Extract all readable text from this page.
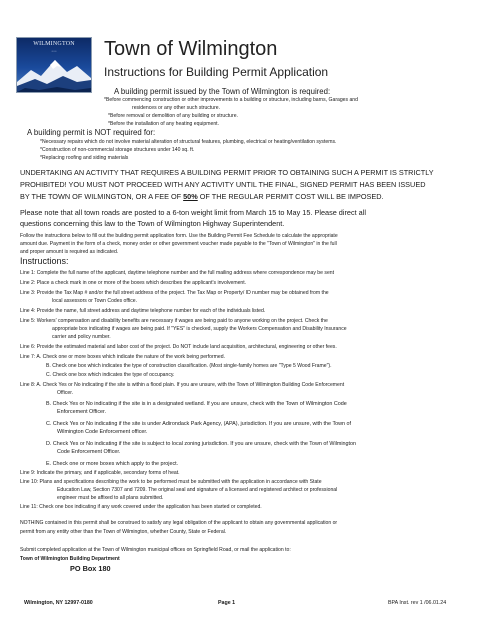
WILMINGTON
• • •	Town of Wilmington
Instructions for Building Permit Application
A building permit issued by the Town of Wilmington is required:
*Before commencing construction or other improvements to a building or structure, including barns, Garages and
residences or any other such structure.
*Before removal or demolition of any building or structure.
*Before the installation of any heating equipment.
A building permit is NOT required for:
*Necessary repairs which do not involve material alteration of structural features, plumbing, electrical or heating/ventilation systems.
*Construction of non-commercial storage structures under 140 sq. ft.
*Replacing roofing and siding materials
UNDERTAKING AN ACTIVITY THAT REQUIRES A BUILDING PERMIT PRIOR TO OBTAINING SUCH A PERMIT IS STRICTLY
PROHIBITED! YOU MUST NOT PROCEED WITH ANY ACTIVITY UNTIL THE FINAL, SIGNED PERMIT HAS BEEN ISSUED
BY THE TOWN OF WILMINGTON, OR A FEE OF 50% OF THE REGULAR PERMIT COST WILL BE IMPOSED.
Please note that all town roads are posted to a 6-ton weight limit from March 15 to May 15. Please direct all
questions concerning this law to the Town of Wilmington Highway Superintendent.
Follow the instructions below to fill out the building permit application form. Use the Building Permit Fee Schedule to calculate the appropriate
amount due. Payment in the form of a check, money order or other government voucher made payable to the "Town of Wilmington" in the full
and proper amount is required as indicated.
Instructions:
Line 1: Complete the full name of the applicant, daytime telephone number and the full mailing address where correspondence may be sent
Line 2: Place a check mark in one or more of the boxes which describes the applicant's involvement.
Line 3: Provide the Tax Map # and/or the full street address of the project. The Tax Map or Property/ ID number may be obtained from the
local assessors or Town Codes office.
Line 4: Provide the name, full street address and daytime telephone number for each of the individuals listed.
Line 5: Workers' compensation and disability benefits are necessary if wages are being paid to anyone working on the project. Check the
appropriate box indicating if wages are being paid. If "YES" is checked, supply the Workers Compensation and Disability Insurance
carrier and policy number.
Line 6: Provide the estimated material and labor cost of the project. Do NOT include land acquisition, architectural, engineering or other fees.
Line 7: A. Check one or more boxes which indicate the nature of the work being performed.
B. Check one box which indicates the type of construction classification. (Most single-family homes are "Type 5 Wood Frame").
C. Check one box which indicates the type of occupancy.
Line 8: A. Check Yes or No indicating if the site is within a flood plain. If you are unsure, with the Town of Wilmington Building Code Enforcement
Officer.
B. Check Yes or No indicating if the site is in a designated wetland. If you are unsure, check with the Town of Wilmington Code
Enforcement Officer.
C. Check Yes or No indicating if the site is under Adirondack Park Agency, (APA), jurisdiction. If you are unsure, with the Town of
Wilmington Code Enforcement officer.
D. Check Yes or No indicating if the site is subject to local zoning jurisdiction. If you are unsure, check with the Town of Wilmington
Code Enforcement Officer.
E. Check one or more boxes which apply to the project.
Line 9: Indicate the primary, and if applicable, secondary forms of heat.
Line 10: Plans and specifications describing the work to be performed must be submitted with the application in accordance with State
Education Law, Section 7307 and 7209. The original seal and signature of a licensed and registered architect or professional
engineer must be affixed to all plans submitted.
Line 11: Check one box indicating if any work covered under the application has been started or completed.
NOTHING contained in this permit shall be construed to satisfy any legal obligation of the applicant to obtain any governmental application or
permit from any entity other than the Town of Wilmington, whether County, State or Federal.
Submit completed application at the Town of Wilmington municipal offices on Springfield Road, or mail the application to:
Town of Wilmington Building Department
PO Box 180
Wilmington, NY 12997-0180	Page 1	BPA Inst. rev 1 /06.01.24
